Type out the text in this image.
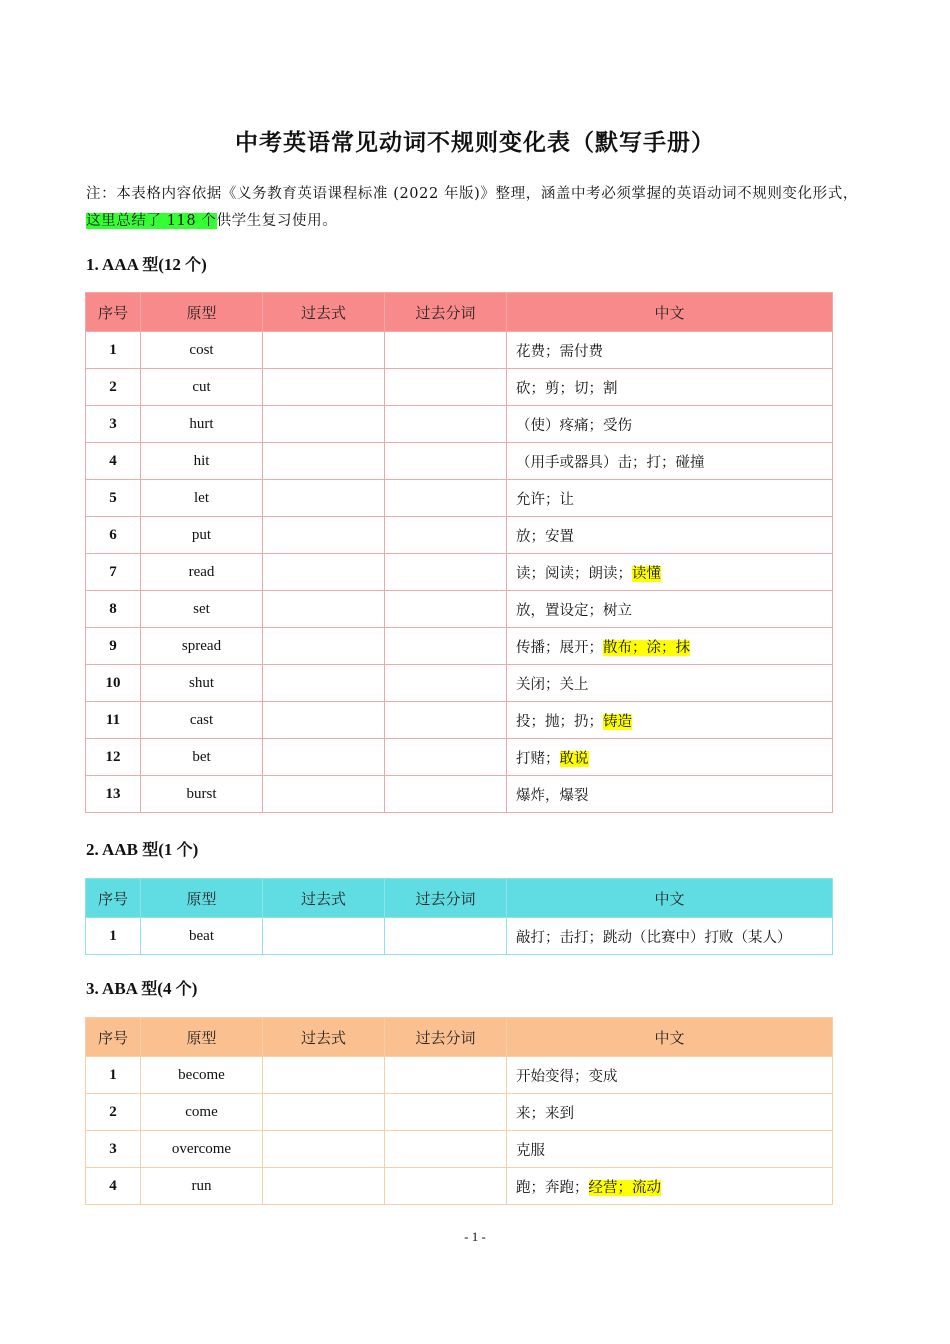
中考英语常见动词不规则变化表（默写手册）
注：本表格内容依据《义务教育英语课程标准 (2022 年版)》整理，涵盖中考必须掌握的英语动词不规则变化形式，这里总结了 118 个供学生复习使用。
1. AAA 型(12 个)
序号	原型	过去式	过去分词	中文
1	cost			花费；需付费
2	cut			砍；剪；切；割
3	hurt			（使）疼痛；受伤
4	hit			（用手或器具）击；打；碰撞
5	let			允许；让
6	put			放；安置
7	read			读；阅读；朗读；读懂
8	set			放，置设定；树立
9	spread			传播；展开；散布；涂；抹
10	shut			关闭；关上
11	cast			投；抛；扔；铸造
12	bet			打赌；敢说
13	burst			爆炸，爆裂
2. AAB 型(1 个)
序号	原型	过去式	过去分词	中文
1	beat			敲打；击打；跳动（比赛中）打败（某人）
3. ABA 型(4 个)
序号	原型	过去式	过去分词	中文
1	become			开始变得；变成
2	come			来；来到
3	overcome			克服
4	run			跑；奔跑；经营；流动
- 1 -
